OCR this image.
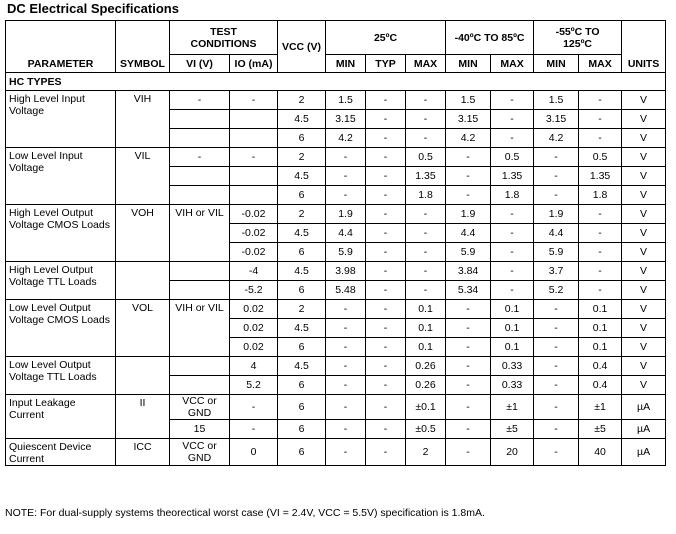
DC Electrical Specifications
PARAMETER	SYMBOL	TEST CONDITIONS		VCC (V)	25ºC			-40ºC TO 85ºC		-55ºC TO 125ºC		UNITS
		VI (V)	IO (mA)		MIN	TYP	MAX	MIN	MAX	MIN	MAX	
HC TYPES												
High Level Input Voltage	VIH	-	-	2	1.5	-	-	1.5	-	1.5	-	V
				4.5	3.15	-	-	3.15	-	3.15	-	V
				6	4.2	-	-	4.2	-	4.2	-	V
Low Level Input Voltage	VIL	-	-	2	-	-	0.5	-	0.5	-	0.5	V
				4.5	-	-	1.35	-	1.35	-	1.35	V
				6	-	-	1.8	-	1.8	-	1.8	V
High Level Output Voltage CMOS Loads	VOH	VIH or VIL	-0.02	2	1.9	-	-	1.9	-	1.9	-	V
			-0.02	4.5	4.4	-	-	4.4	-	4.4	-	V
			-0.02	6	5.9	-	-	5.9	-	5.9	-	V
High Level Output Voltage TTL Loads			-4	4.5	3.98	-	-	3.84	-	3.7	-	V
			-5.2	6	5.48	-	-	5.34	-	5.2	-	V
Low Level Output Voltage CMOS Loads	VOL	VIH or VIL	0.02	2	-	-	0.1	-	0.1	-	0.1	V
			0.02	4.5	-	-	0.1	-	0.1	-	0.1	V
			0.02	6	-	-	0.1	-	0.1	-	0.1	V
Low Level Output Voltage TTL Loads			4	4.5	-	-	0.26	-	0.33	-	0.4	V
			5.2	6	-	-	0.26	-	0.33	-	0.4	V
Input Leakage Current	II	VCC or GND	-	6	-	-	±0.1	-	±1	-	±1	µA
		15	-	6	-	-	±0.5	-	±5	-	±5	µA
Quiescent Device Current	ICC	VCC or GND	0	6	-	-	2	-	20	-	40	µA
NOTE: For dual-supply systems theorectical worst case (VI = 2.4V, VCC = 5.5V) specification is 1.8mA.
